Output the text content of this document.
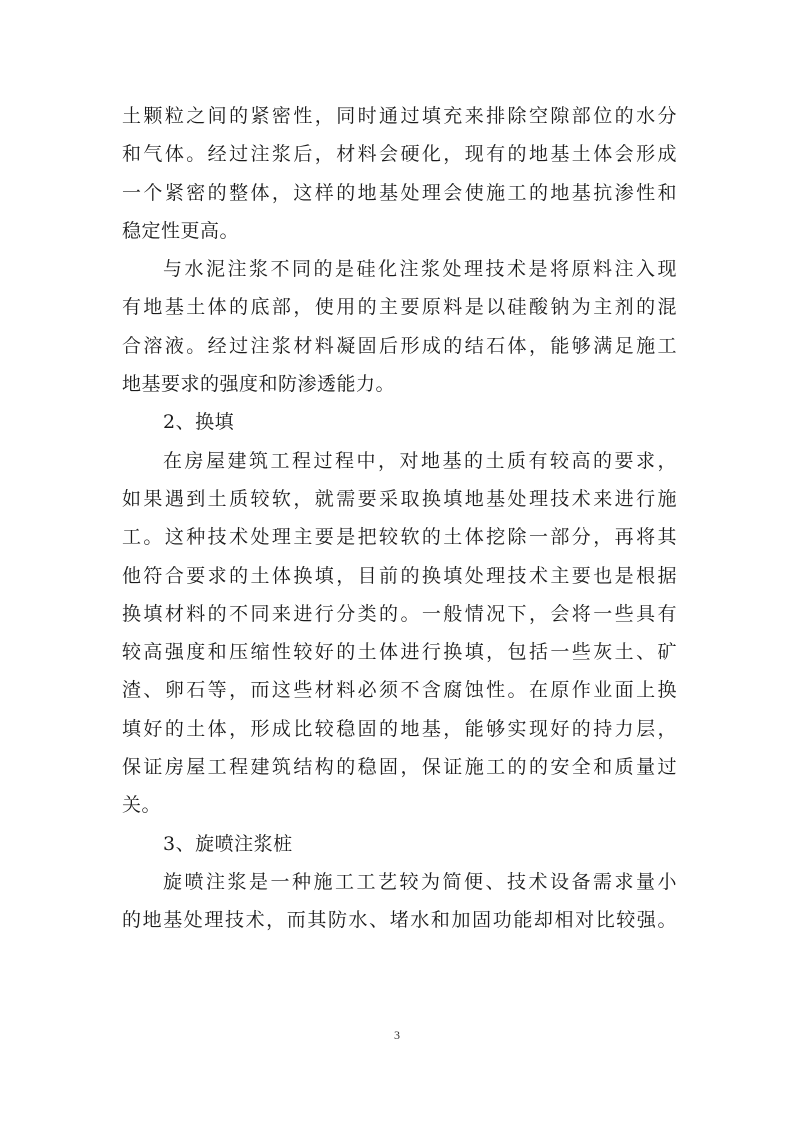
土颗粒之间的紧密性，同时通过填充来排除空隙部位的水分
和气体。经过注浆后，材料会硬化，现有的地基土体会形成
一个紧密的整体，这样的地基处理会使施工的地基抗渗性和
稳定性更高。
与水泥注浆不同的是硅化注浆处理技术是将原料注入现
有地基土体的底部，使用的主要原料是以硅酸钠为主剂的混
合溶液。经过注浆材料凝固后形成的结石体，能够满足施工
地基要求的强度和防渗透能力。
2、换填
在房屋建筑工程过程中，对地基的土质有较高的要求，
如果遇到土质较软，就需要采取换填地基处理技术来进行施
工。这种技术处理主要是把较软的土体挖除一部分，再将其
他符合要求的土体换填，目前的换填处理技术主要也是根据
换填材料的不同来进行分类的。一般情况下，会将一些具有
较高强度和压缩性较好的土体进行换填，包括一些灰土、矿
渣、卵石等，而这些材料必须不含腐蚀性。在原作业面上换
填好的土体，形成比较稳固的地基，能够实现好的持力层，
保证房屋工程建筑结构的稳固，保证施工的的安全和质量过
关。
3、旋喷注浆桩
旋喷注浆是一种施工工艺较为简便、技术设备需求量小
的地基处理技术，而其防水、堵水和加固功能却相对比较强。
3
